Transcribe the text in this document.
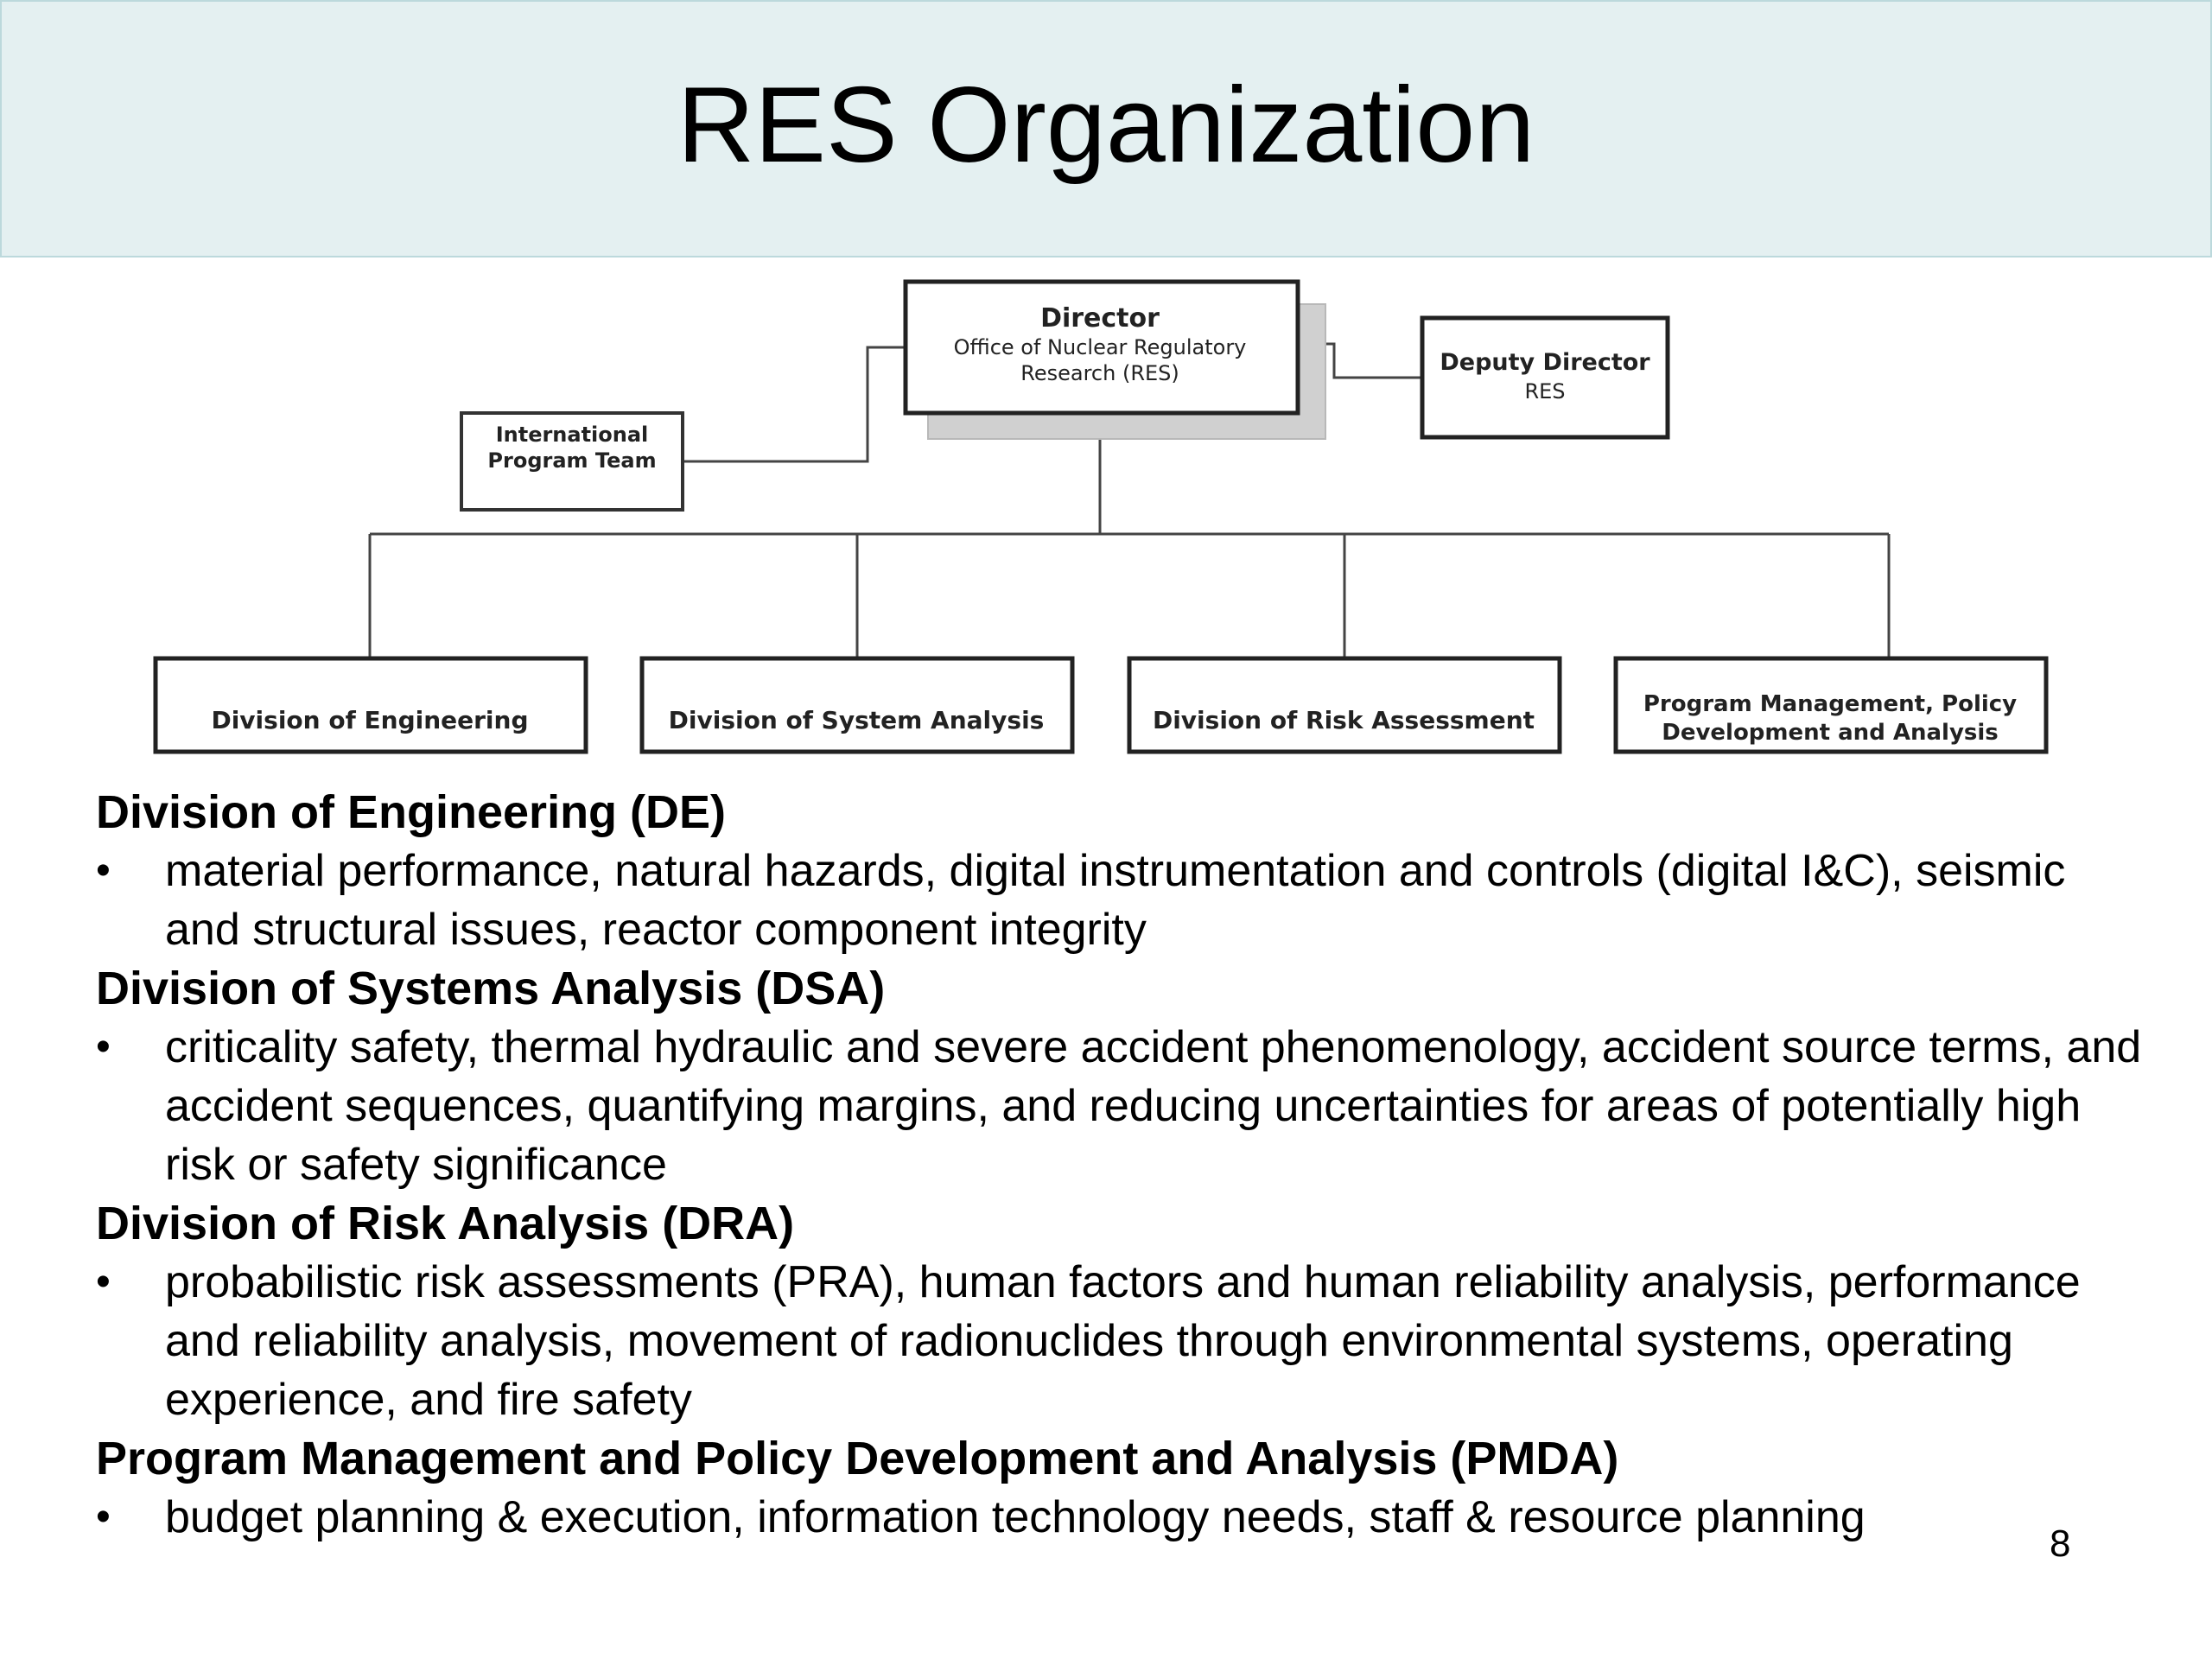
RES Organization
Director
Office of Nuclear Regulatory
Research (RES)	Deputy Director
RES
International
Program Team
Division of Engineering	Division of System Analysis	Division of Risk Assessment
Program Management, Policy
Development and Analysis

Division of Engineering (DE)

•	material performance, natural hazards, digital instrumentation and controls (digital I&C), seismic and structural issues, reactor component integrity

Division of Systems Analysis (DSA)

•	criticality safety, thermal hydraulic and severe accident phenomenology, accident source terms, and accident sequences, quantifying margins, and reducing uncertainties for areas of potentially high risk or safety significance

Division of Risk Analysis (DRA)

•	probabilistic risk assessments (PRA), human factors and human reliability analysis, performance and reliability analysis, movement of radionuclides through environmental systems, operating experience, and fire safety

Program Management and Policy Development and Analysis (PMDA)

•	budget planning & execution, information technology needs, staff & resource planning
8
